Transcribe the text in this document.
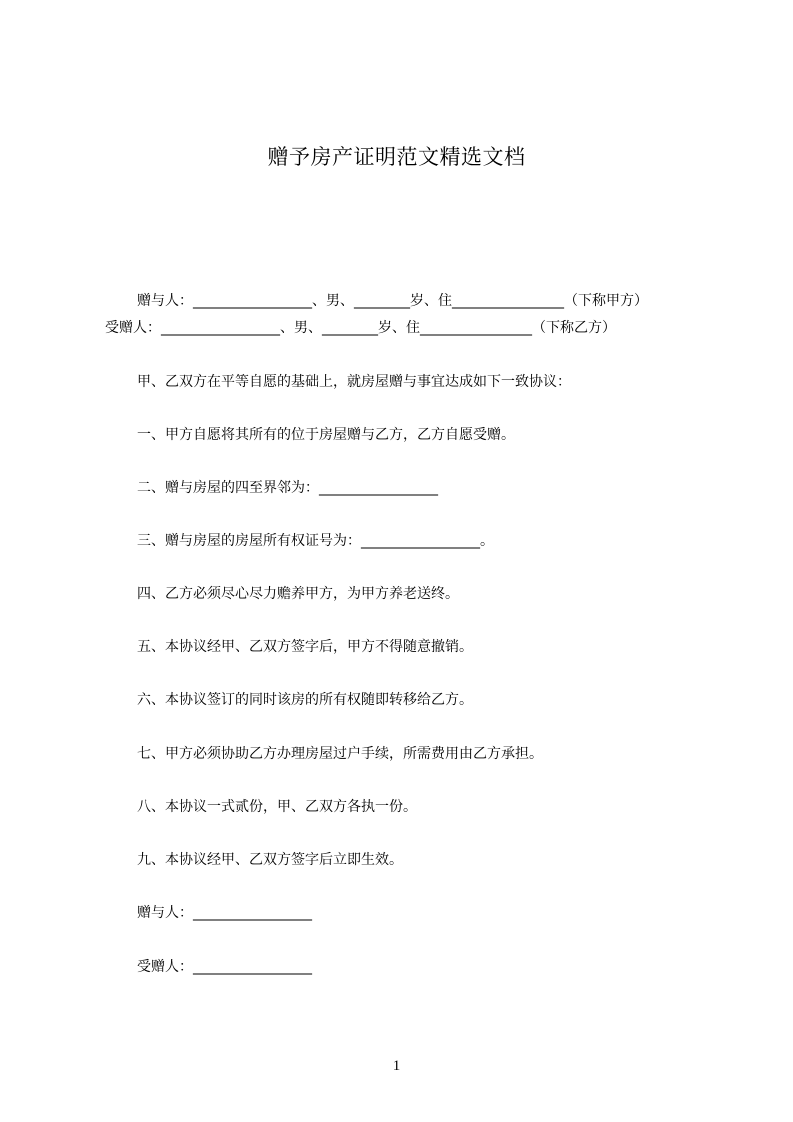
赠予房产证明范文精选文档
赠与人：_________________、男、________岁、住________________（下称甲方）
受赠人：_________________、男、________岁、住________________（下称乙方）
甲、乙双方在平等自愿的基础上，就房屋赠与事宜达成如下一致协议：
一、甲方自愿将其所有的位于房屋赠与乙方，乙方自愿受赠。
二、赠与房屋的四至界邻为：_________________
三、赠与房屋的房屋所有权证号为：_________________。
四、乙方必须尽心尽力赡养甲方，为甲方养老送终。
五、本协议经甲、乙双方签字后，甲方不得随意撤销。
六、本协议签订的同时该房的所有权随即转移给乙方。
七、甲方必须协助乙方办理房屋过户手续，所需费用由乙方承担。
八、本协议一式贰份，甲、乙双方各执一份。
九、本协议经甲、乙双方签字后立即生效。
赠与人：_________________
受赠人：_________________
1
